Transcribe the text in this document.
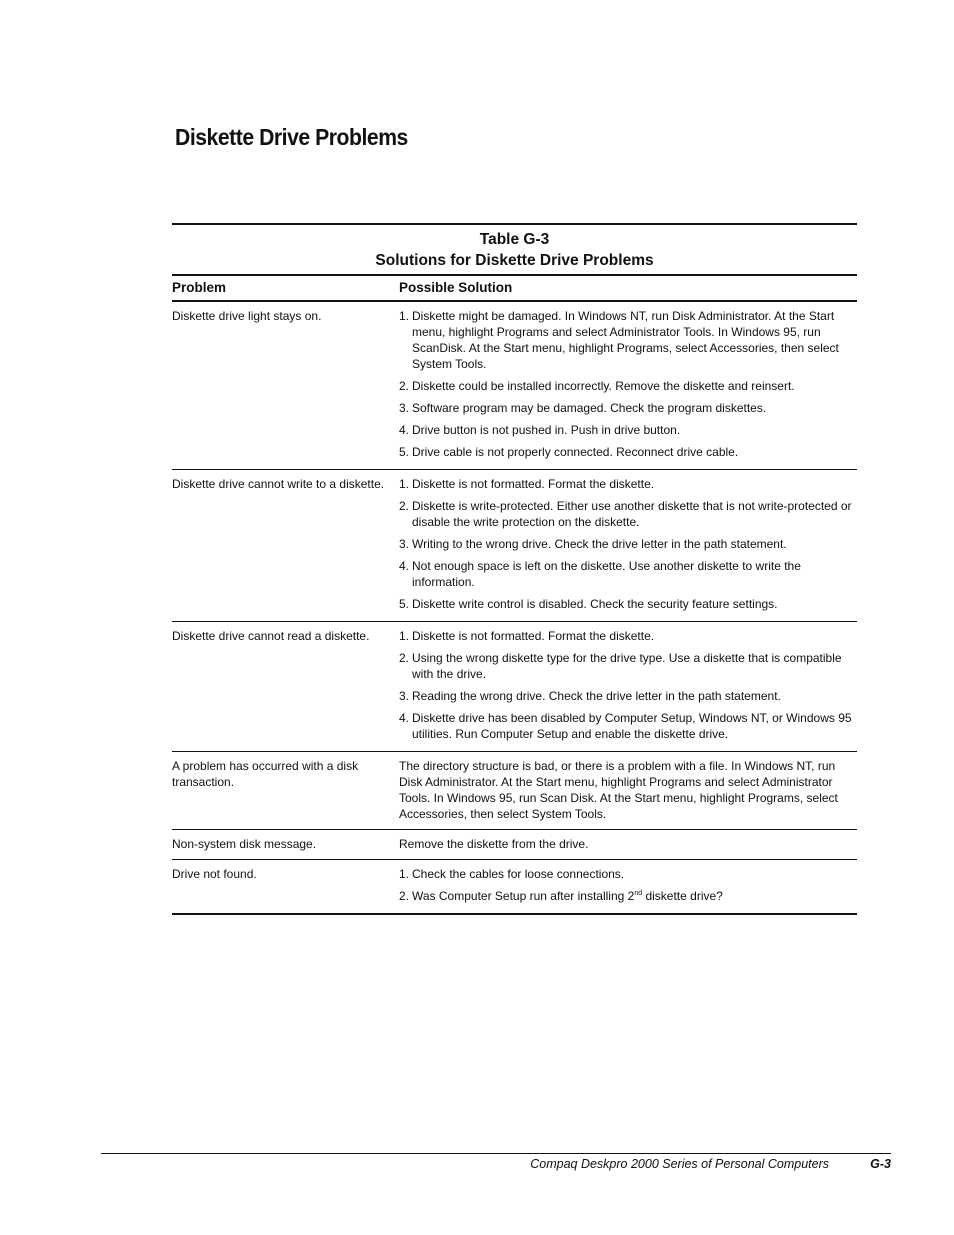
Diskette Drive Problems
Table G-3
Solutions for Diskette Drive Problems
Problem	Possible Solution
Diskette drive light stays on.	1. Diskette might be damaged. In Windows NT, run Disk Administrator. At the Start menu, highlight Programs and select Administrator Tools. In Windows 95, run ScanDisk. At the Start menu, highlight Programs, select Accessories, then select System Tools.
2. Diskette could be installed incorrectly. Remove the diskette and reinsert.
3. Software program may be damaged. Check the program diskettes.
4. Drive button is not pushed in. Push in drive button.
5. Drive cable is not properly connected. Reconnect drive cable.
Diskette drive cannot write to a diskette.	1. Diskette is not formatted. Format the diskette.
2. Diskette is write-protected. Either use another diskette that is not write-protected or disable the write protection on the diskette.
3. Writing to the wrong drive. Check the drive letter in the path statement.
4. Not enough space is left on the diskette. Use another diskette to write the information.
5. Diskette write control is disabled. Check the security feature settings.
Diskette drive cannot read a diskette.	1. Diskette is not formatted. Format the diskette.
2. Using the wrong diskette type for the drive type. Use a diskette that is compatible with the drive.
3. Reading the wrong drive. Check the drive letter in the path statement.
4. Diskette drive has been disabled by Computer Setup, Windows NT, or Windows 95 utilities. Run Computer Setup and enable the diskette drive.
A problem has occurred with a disk transaction.
The directory structure is bad, or there is a problem with a file. In Windows NT, run Disk Administrator. At the Start menu, highlight Programs and select Administrator Tools. In Windows 95, run Scan Disk. At the Start menu, highlight Programs, select Accessories, then select System Tools.
Non-system disk message.	Remove the diskette from the drive.
Drive not found.	1. Check the cables for loose connections.
2. Was Computer Setup run after installing 2nd diskette drive?
Compaq Deskpro 2000 Series of Personal Computers	G-3
